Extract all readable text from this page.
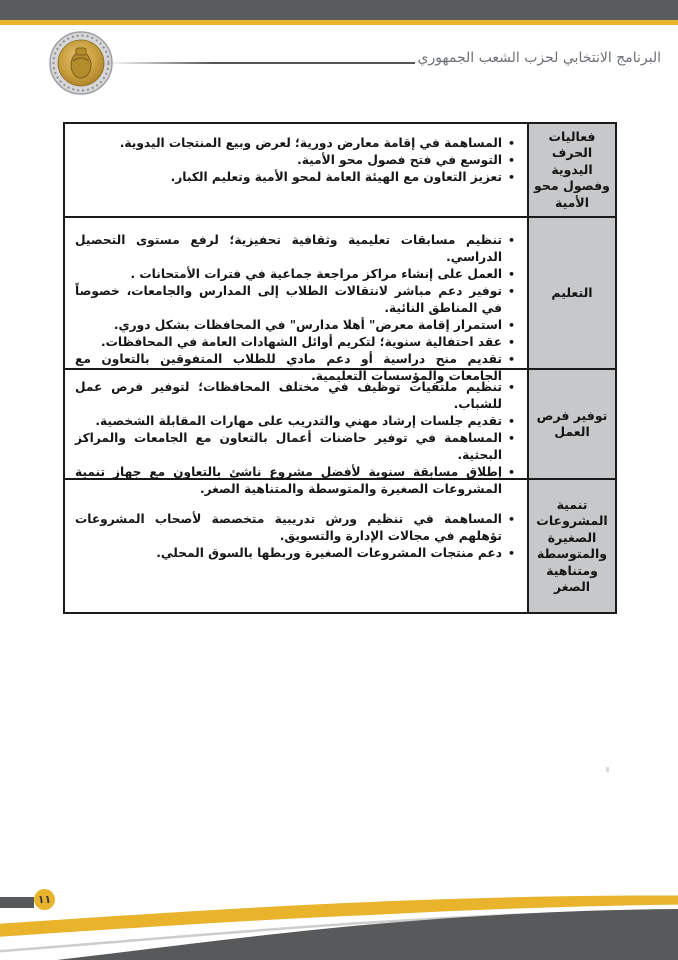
البرنامج الانتخابي لحزب الشعب الجمهوري
فعاليات الحرف اليدوية وفصول محو الأمية
• المساهمة في إقامة معارض دورية؛ لعرض وبيع المنتجات اليدوية.
• التوسع في فتح فصول محو الأمية.
• تعزيز التعاون مع الهيئة العامة لمحو الأمية وتعليم الكبار.
التعليم
• تنظيم مسابقات تعليمية وثقافية تحفيزية؛ لرفع مستوى التحصيل الدراسي.
• العمل على إنشاء مراكز مراجعة جماعية في فترات الأمتحانات .
• توفير دعم مباشر لانتقالات الطلاب إلى المدارس والجامعات، خصوصاً في المناطق النائية.
• استمرار إقامة معرض" أهلا مدارس" في المحافظات بشكل دوري.
• عقد احتفالية سنوية؛ لتكريم أوائل الشهادات العامة في المحافظات.
• تقديم منح دراسية أو دعم مادي للطلاب المتفوقين بالتعاون مع الجامعات والمؤسسات التعليمية.
توفير فرص العمل
• تنظيم ملتقيات توظيف في مختلف المحافظات؛ لتوفير فرص عمل للشباب.
• تقديم جلسات إرشاد مهني والتدريب على مهارات المقابلة الشخصية.
• المساهمة في توفير حاضنات أعمال بالتعاون مع الجامعات والمراكز البحثية.
• إطلاق مسابقة سنوية لأفضل مشروع ناشئ بالتعاون مع جهاز تنمية المشروعات الصغيرة والمتوسطة والمتناهية الصغر.
تنمية المشروعات الصغيرة والمتوسطة ومتناهية الصغر
• المساهمة في تنظيم ورش تدريبية متخصصة لأصحاب المشروعات تؤهلهم في مجالات الإدارة والتسويق.
• دعم منتجات المشروعات الصغيرة وربطها بالسوق المحلي.
١١
